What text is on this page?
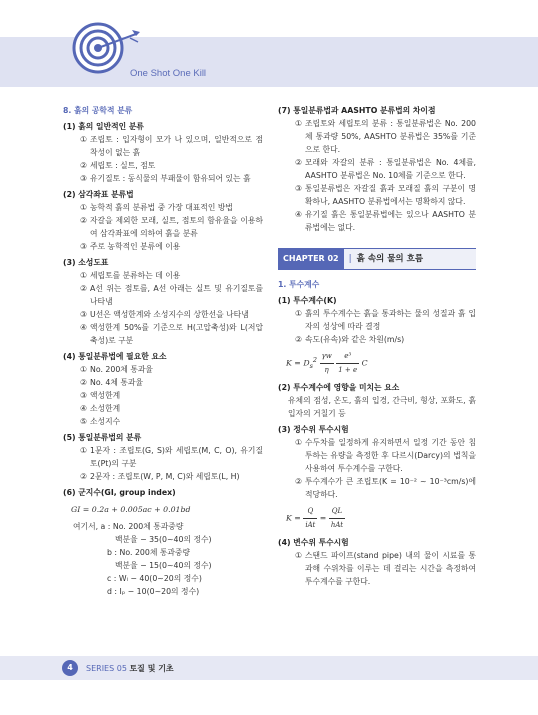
One Shot One Kill
8. 흙의 공학적 분류
(1) 흙의 일반적인 분류
① 조립토 : 입자형이 모가 나 있으며, 일반적으로 점착성이 없는 흙
② 세립토 : 실트, 점토
③ 유기질토 : 동식물의 부패물이 함유되어 있는 흙
(2) 삼각좌표 분류법
① 농학적 흙의 분류법 중 가장 대표적인 방법
② 자갈을 제외한 모래, 실트, 점토의 함유율을 이용하여 삼각좌표에 의하여 흙을 분류
③ 주로 농학적인 분류에 이용
(3) 소성도표
① 세립토를 분류하는 데 이용
② A선 위는 점토를, A선 아래는 실트 및 유기질토를 나타냄
③ U선은 액성한계와 소성지수의 상한선을 나타냄
④ 액성한계 50%를 기준으로 H(고압축성)와 L(저압축성)로 구분
(4) 통일분류법에 필요한 요소
① No. 200체 통과율
② No. 4체 통과율
③ 액성한계
④ 소성한계
⑤ 소성지수
(5) 통일분류법의 분류
① 1문자 : 조립토(G, S)와 세립토(M, C, O), 유기질토(Pt)의 구분
② 2문자 : 조립토(W, P, M, C)와 세립토(L, H)
(6) 군지수(GI, group index)
GI = 0.2a + 0.005ac + 0.01bd
여기서, a : No. 200체 통과중량
백분율 − 35(0~40의 정수)
b : No. 200체 통과중량
백분율 − 15(0~40의 정수)
c : Wₗ − 40(0~20의 정수)
d : Iₚ − 10(0~20의 정수)
(7) 통일분류법과 AASHTO 분류법의 차이점
① 조립토와 세립토의 분류 : 통일분류법은 No. 200체 통과량 50%, AASHTO 분류법은 35%를 기준으로 한다.
② 모래와 자갈의 분류 : 통일분류법은 No. 4체를, AASHTO 분류법은 No. 10체를 기준으로 한다.
③ 통일분류법은 자갈질 흙과 모래질 흙의 구분이 명확하나, AASHTO 분류법에서는 명확하지 않다.
④ 유기질 흙은 통일분류법에는 있으나 AASHTO 분류법에는 없다.
CHAPTER 02	| 흙 속의 물의 흐름
1. 투수계수
(1) 투수계수(K)
① 흙의 투수계수는 흙을 통과하는 물의 성질과 흙 입자의 성상에 따라 결정
② 속도(유속)와 같은 차원(m/s)
$K = D_s^2 \frac{\gamma w}{\eta}$
$\frac{\text{e³}}{1 + e}$ C
(2) 투수계수에 영향을 미치는 요소
유체의 점성, 온도, 흙의 입경, 간극비, 형상, 포화도, 흙 입자의 거칠기 등
(3) 정수위 투수시험
① 수두차를 일정하게 유지하면서 일정 기간 동안 침투하는 유량을 측정한 후 다르시(Darcy)의 법칙을 사용하여 투수계수를 구한다.
② 투수계수가 큰 조립토(K = 10⁻² ~ 10⁻³cm/s)에 적당하다.
$K = \frac{Q}{\text{iAt}} = \frac{QL}{\text{hAt}}$
(4) 변수위 투수시험
① 스탠드 파이프(stand pipe) 내의 물이 시료를 통과해 수위차를 이루는 데 걸리는 시간을 측정하여 투수계수를 구한다.
4	SERIES 05 토질 및 기초
